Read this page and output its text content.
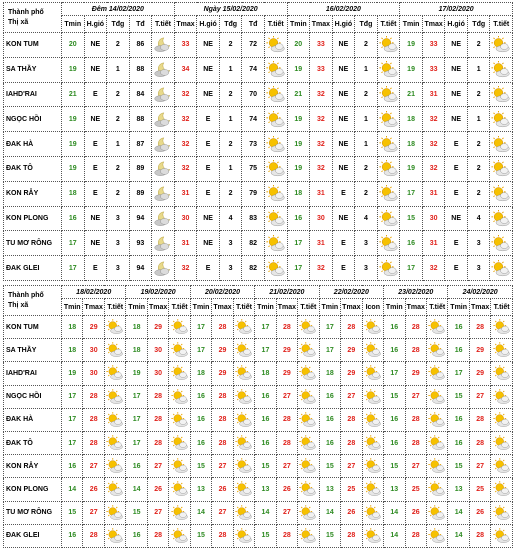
Thành phố
Thị xã	Đêm 14/02/2020					Ngày 15/02/2020					16/02/2020					17/02/2020				
	Tmin	H.gió	Tđg	Tđ	T.tiết	Tmax	H.gió	Tđg	Tđ	T.tiết	Tmin	Tmax	H.gió	Tđg	T.tiết	Tmin	Tmax	H.gió	Tđg	T.tiết
KON TUM	20	NE	2	86		33	NE	2	72		20	33	NE	2		19	33	NE	2	

SA THẦY	19	NE	1	88		34	NE	1	74		19	33	NE	1		19	33	NE	1	

IAHD'RAI	21	E	2	84		32	NE	2	70		21	32	NE	2		21	31	NE	2	

NGỌC HỒI	19	NE	2	88		32	E	1	74		19	32	NE	1		18	32	NE	1	

ĐAK HÀ	19	E	1	87		32	E	2	73		19	32	NE	1		18	32	E	2	

ĐAK TÔ	19	E	2	89		32	E	1	75		19	32	NE	2		19	32	E	2	

KON RẪY	18	E	2	89		31	E	2	79		18	31	E	2		17	31	E	2	

KON PLONG	16	NE	3	94		30	NE	4	83		16	30	NE	4		15	30	NE	4	

TU MƠ RÔNG	17	NE	3	93		31	NE	3	82		17	31	E	3		16	31	E	3	

ĐAK GLEI	17	E	3	94		32	E	3	82		17	32	E	3		17	32	E	3	
Thành phố
Thị xã	18/02/2020			19/02/2020			20/02/2020			21/02/2020			22/02/2020			23/02/2020			24/02/2020		
	Tmin	Tmax	T.tiết	Tmin	Tmax	T.tiết	Tmin	Tmax	T.tiết	Tmin	Tmax	T.tiết	Tmin	Tmax	Icon	Tmin	Tmax	T.tiết	Tmin	Tmax	T.tiết
KON TUM	18	29		18	29		17	28		17	28		17	28		16	28		16	28	

SA THẦY	18	30		18	30		17	29		17	29		17	29		16	28		16	29	

IAHD'RAI	19	30		19	30		18	29		18	29		18	29		17	29		17	29	

NGỌC HỒI	17	28		17	28		16	28		16	27		16	27		15	27		15	27	

ĐAK HÀ	17	28		17	28		16	28		16	28		16	28		16	28		16	28	

ĐAK TÔ	17	28		17	28		16	28		16	28		16	28		16	28		16	28	

KON RẪY	16	27		16	27		15	27		15	27		15	27		15	27		15	27	

KON PLONG	14	26		14	26		13	26		13	26		13	25		13	25		13	25	

TU MƠ RÔNG	15	27		15	27		14	27		14	27		14	26		14	26		14	26	

ĐAK GLEI	16	28		16	28		15	28		15	28		15	28		14	28		14	28	
